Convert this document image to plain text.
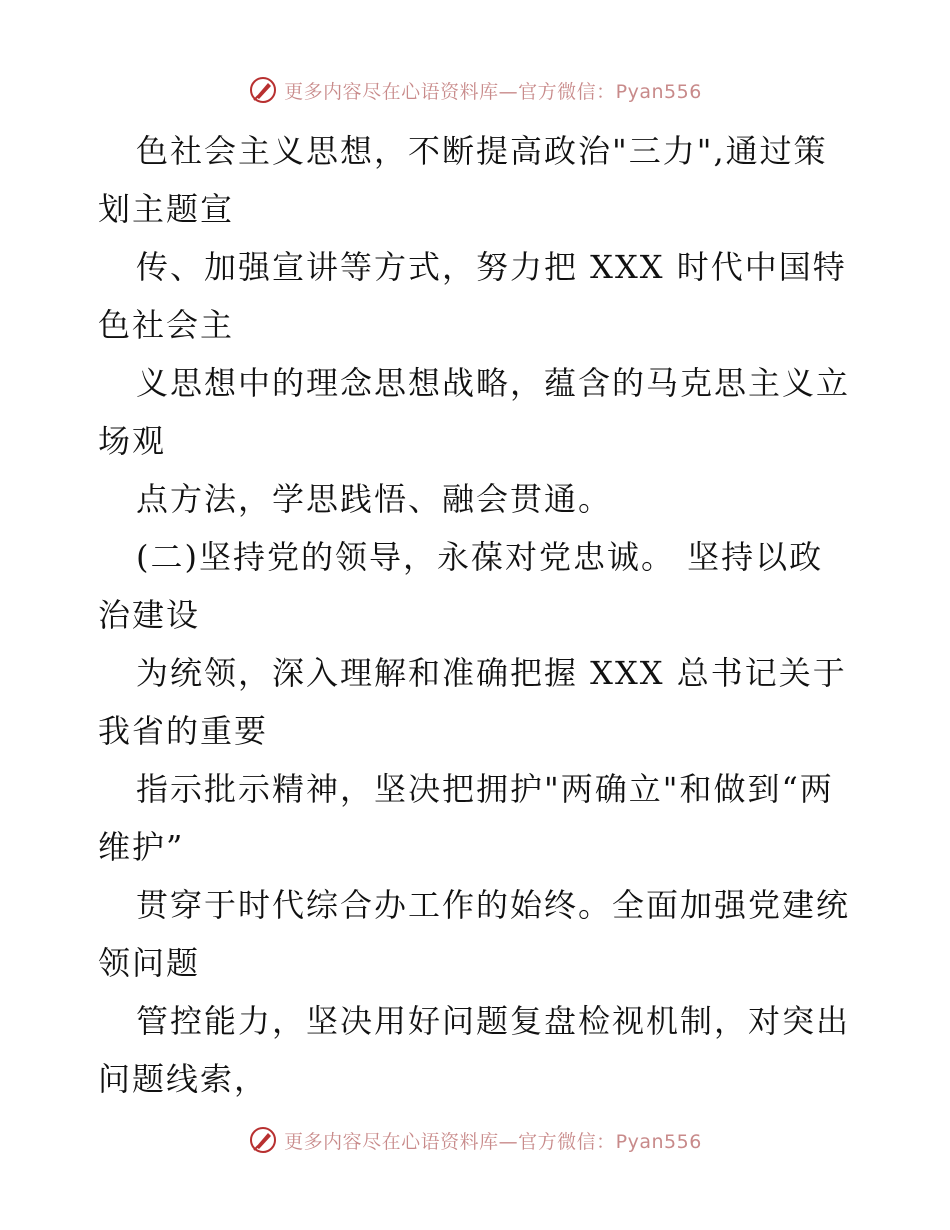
更多内容尽在心语资料库—官方微信：Pyan556
色社会主义思想，不断提高政治"三力",通过策
划主题宣
传、加强宣讲等方式，努力把 XXX 时代中国特
色社会主
义思想中的理念思想战略，蕴含的马克思主义立
场观
点方法，学思践悟、融会贯通。
(二)坚持党的领导，永葆对党忠诚。 坚持以政
治建设
为统领，深入理解和准确把握 XXX 总书记关于
我省的重要
指示批示精神，坚决把拥护"两确立"和做到“两
维护”
贯穿于时代综合办工作的始终。全面加强党建统
领问题
管控能力，坚决用好问题复盘检视机制，对突出
问题线索，
更多内容尽在心语资料库—官方微信：Pyan556
